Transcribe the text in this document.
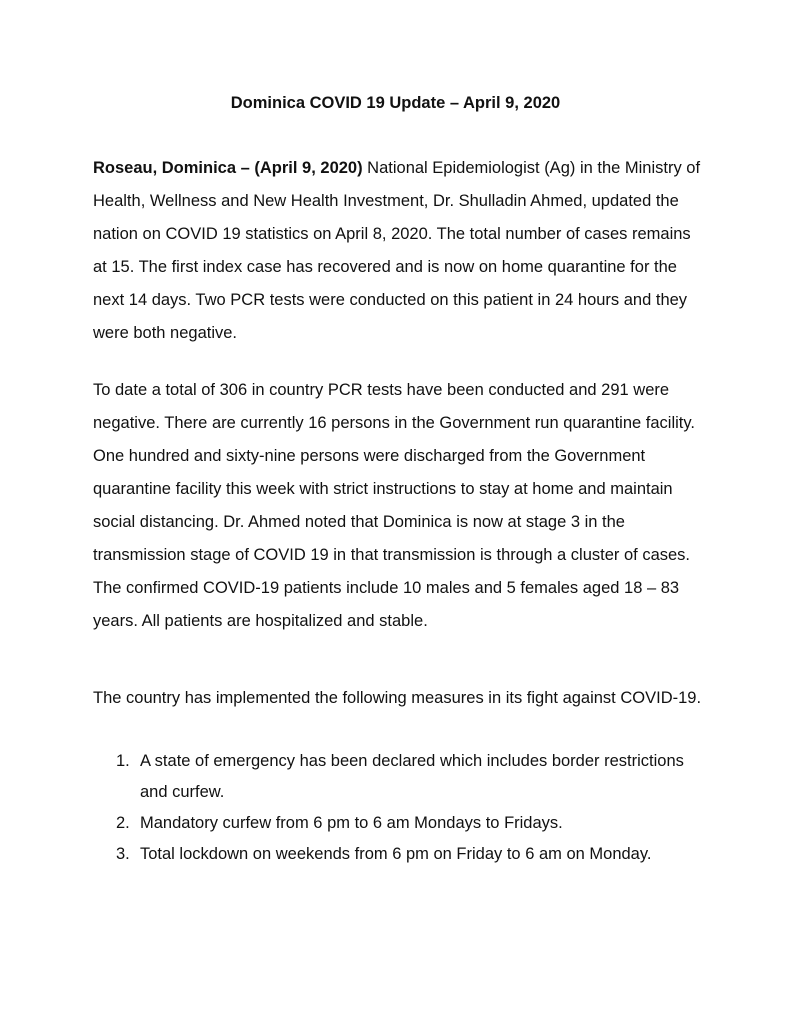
Dominica COVID 19 Update – April 9, 2020

Roseau, Dominica – (April 9, 2020) National Epidemiologist (Ag) in the Ministry of Health, Wellness and New Health Investment, Dr. Shulladin Ahmed, updated the nation on COVID 19 statistics on April 8, 2020. The total number of cases remains at 15. The first index case has recovered and is now on home quarantine for the next 14 days. Two PCR tests were conducted on this patient in 24 hours and they were both negative.

To date a total of 306 in country PCR tests have been conducted and 291 were negative. There are currently 16 persons in the Government run quarantine facility. One hundred and sixty-nine persons were discharged from the Government quarantine facility this week with strict instructions to stay at home and maintain social distancing. Dr. Ahmed noted that Dominica is now at stage 3 in the transmission stage of COVID 19 in that transmission is through a cluster of cases. The confirmed COVID-19 patients include 10 males and 5 females aged 18 – 83 years. All patients are hospitalized and stable.

The country has implemented the following measures in its fight against COVID-19.

1. A state of emergency has been declared which includes border restrictions and curfew.
2. Mandatory curfew from 6 pm to 6 am Mondays to Fridays.
3. Total lockdown on weekends from 6 pm on Friday to 6 am on Monday.
